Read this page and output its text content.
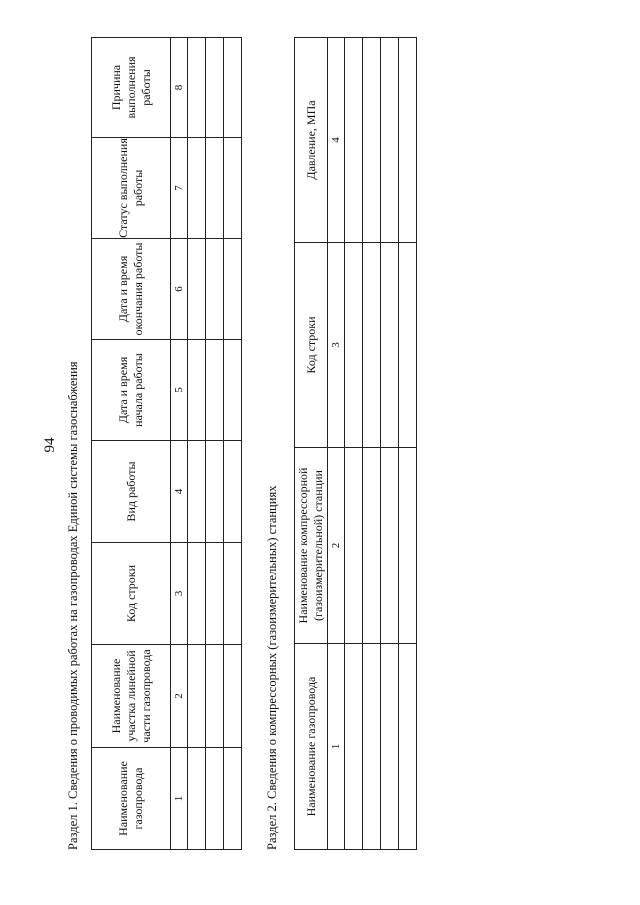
94 Раздел 1. Сведения о проводимых работах на газопроводах Единой системы газоснабжения	Наименование газопровода	Наименование участка линейной части газопровода	Код строки	Вид работы	Дата и время начала работы	Дата и время окончания работы	Статус выполнения работы	Причина выполнения работы
1	2	3	4	5	6	7	8

Раздел 2. Сведения о компрессорных (газоизмерительных) станциях Наименование газопровода	Наименование компрессорной (газоизмерительной) станции	Код строки	Давление, МПа
1	2	3	4
